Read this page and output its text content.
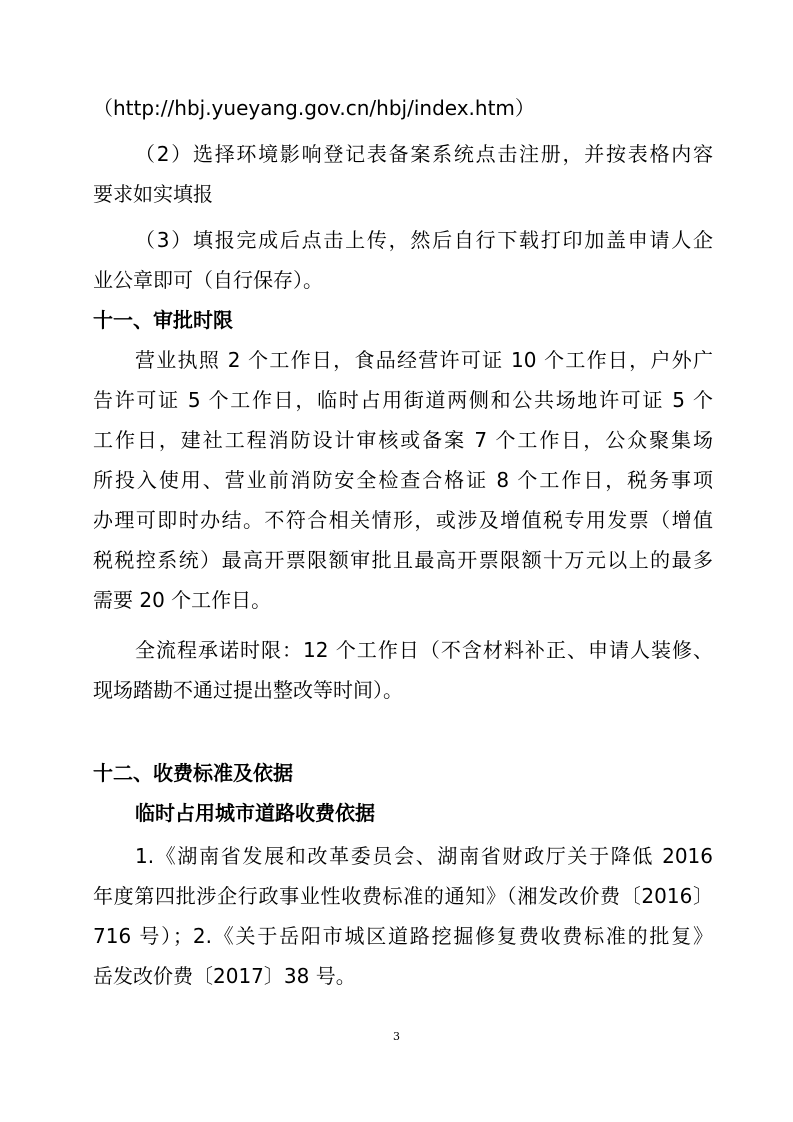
（http://hbj.yueyang.gov.cn/hbj/index.htm）
（2）选择环境影响登记表备案系统点击注册，并按表格内容
要求如实填报
（3）填报完成后点击上传，然后自行下载打印加盖申请人企
业公章即可（自行保存）。
十一、审批时限
营业执照 2 个工作日，食品经营许可证 10 个工作日，户外广
告许可证 5 个工作日，临时占用街道两侧和公共场地许可证 5 个
工作日，建社工程消防设计审核或备案 7 个工作日，公众聚集场
所投入使用、营业前消防安全检查合格证 8 个工作日，税务事项
办理可即时办结。不符合相关情形，或涉及增值税专用发票（增值
税税控系统）最高开票限额审批且最高开票限额十万元以上的最多
需要 20 个工作日。
全流程承诺时限：12 个工作日（不含材料补正、申请人装修、
现场踏勘不通过提出整改等时间）。
十二、收费标准及依据
临时占用城市道路收费依据
1.《湖南省发展和改革委员会、湖南省财政厅关于降低 2016
年度第四批涉企行政事业性收费标准的通知》（湘发改价费〔2016〕
716 号）；2.《关于岳阳市城区道路挖掘修复费收费标准的批复》
岳发改价费〔2017〕38 号。
3
